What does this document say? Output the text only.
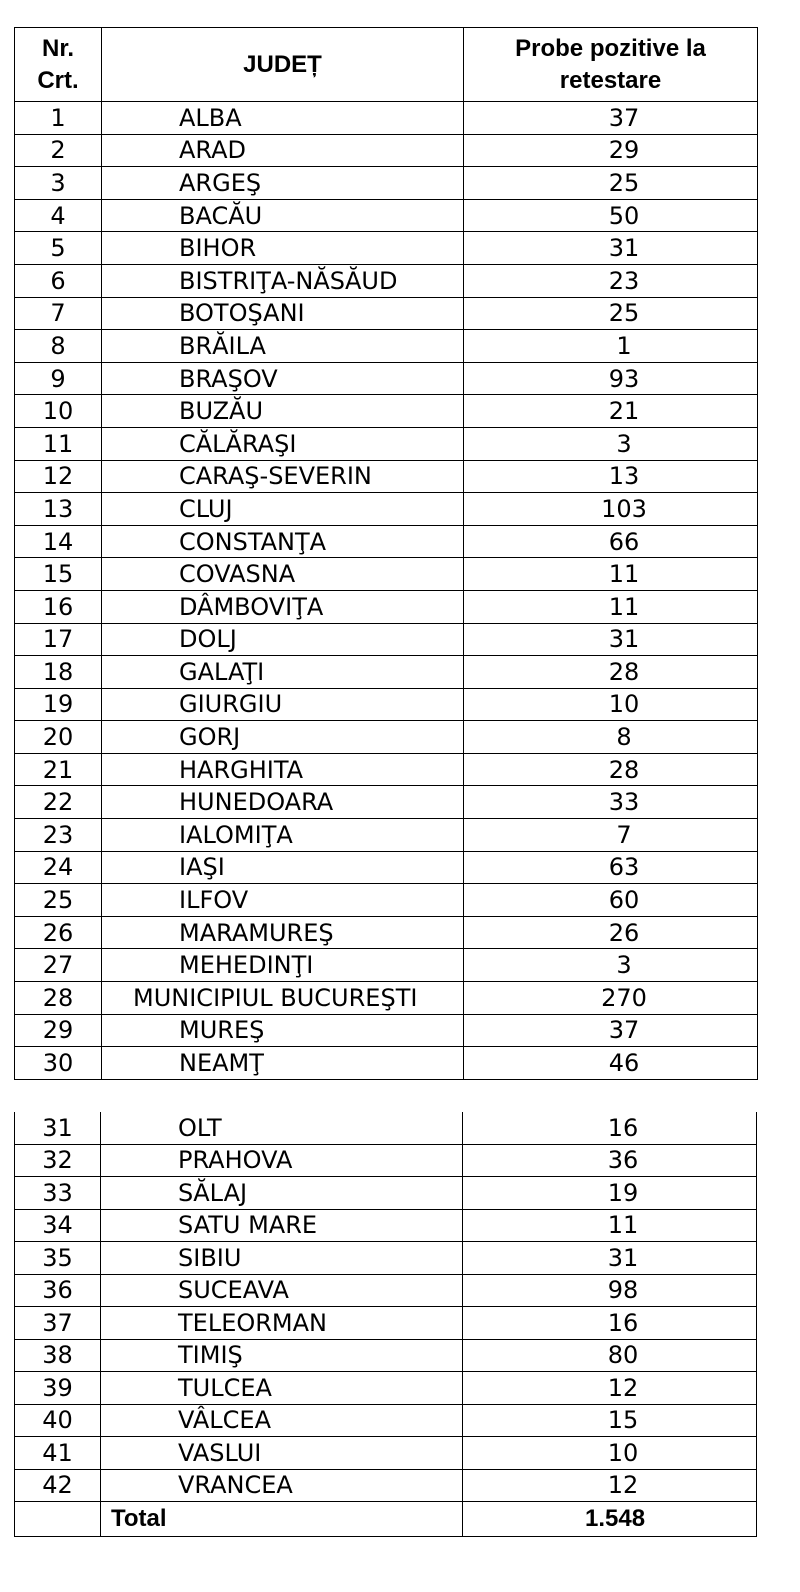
Nr.
Crt.	JUDEȚ	Probe pozitive la
retestare

1	ALBA	37
2	ARAD	29
3	ARGEŞ	25
4	BACĂU	50
5	BIHOR	31
6	BISTRIŢA-NĂSĂUD	23
7	BOTOŞANI	25
8	BRĂILA	1
9	BRAŞOV	93
10	BUZĂU	21
11	CĂLĂRAŞI	3
12	CARAŞ-SEVERIN	13
13	CLUJ	103
14	CONSTANŢA	66
15	COVASNA	11
16	DÂMBOVIŢA	11
17	DOLJ	31
18	GALAŢI	28
19	GIURGIU	10
20	GORJ	8
21	HARGHITA	28
22	HUNEDOARA	33
23	IALOMIŢA	7
24	IAŞI	63
25	ILFOV	60
26	MARAMUREŞ	26
27	MEHEDINŢI	3
28	MUNICIPIUL BUCUREŞTI	270
29	MUREŞ	37
30	NEAMŢ	46
31	OLT	16
32	PRAHOVA	36
33	SĂLAJ	19
34	SATU MARE	11
35	SIBIU	31
36	SUCEAVA	98
37	TELEORMAN	16
38	TIMIŞ	80
39	TULCEA	12
40	VÂLCEA	15
41	VASLUI	10
42	VRANCEA	12
	Total	1.548
